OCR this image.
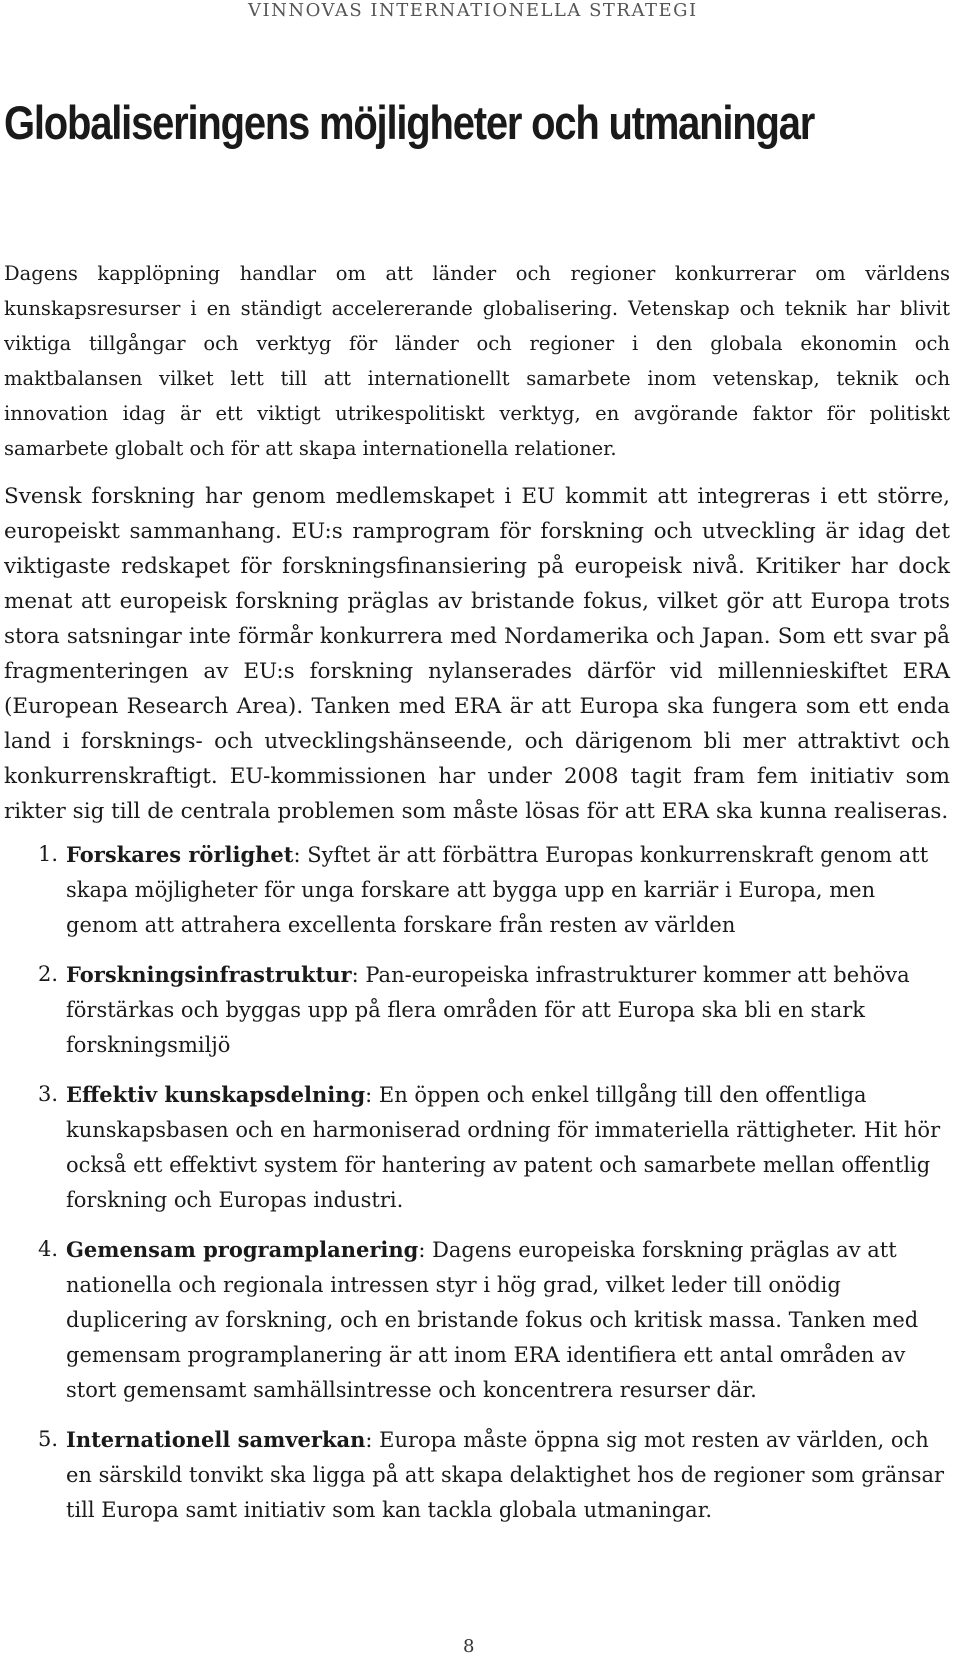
VINNOVAS INTERNATIONELLA STRATEGI
Globaliseringens möjligheter och utmaningar

Dagens kapplöpning handlar om att länder och regioner konkurrerar om världens kunskapsresurser i en ständigt accelererande globalisering. Vetenskap och teknik har blivit viktiga tillgångar och verktyg för länder och regioner i den globala ekonomin och maktbalansen vilket lett till att internationellt samarbete inom vetenskap, teknik och innovation idag är ett viktigt utrikespolitiskt verktyg, en avgörande faktor för politiskt samarbete globalt och för att skapa internationella relationer.

Svensk forskning har genom medlemskapet i EU kommit att integreras i ett större, europeiskt sammanhang. EU:s ramprogram för forskning och utveckling är idag det viktigaste redskapet för forskningsfinansiering på europeisk nivå. Kritiker har dock menat att europeisk forskning präglas av bristande fokus, vilket gör att Europa trots stora satsningar inte förmår konkurrera med Nordamerika och Japan. Som ett svar på fragmenteringen av EU:s forskning nylanserades därför vid millennieskiftet ERA (European Research Area). Tanken med ERA är att Europa ska fungera som ett enda land i forsknings- och utvecklingshänseende, och därigenom bli mer attraktivt och konkurrenskraftigt. EU-kommissionen har under 2008 tagit fram fem initiativ som rikter sig till de centrala problemen som måste lösas för att ERA ska kunna realiseras.

1. Forskares rörlighet: Syftet är att förbättra Europas konkurrenskraft genom att skapa möjligheter för unga forskare att bygga upp en karriär i Europa, men genom att attrahera excellenta forskare från resten av världen
2. Forskningsinfrastruktur: Pan-europeiska infrastrukturer kommer att behöva förstärkas och byggas upp på flera områden för att Europa ska bli en stark forskningsmiljö
3. Effektiv kunskapsdelning: En öppen och enkel tillgång till den offentliga kunskapsbasen och en harmoniserad ordning för immateriella rättigheter. Hit hör också ett effektivt system för hantering av patent och samarbete mellan offentlig forskning och Europas industri.
4. Gemensam programplanering: Dagens europeiska forskning präglas av att nationella och regionala intressen styr i hög grad, vilket leder till onödig duplicering av forskning, och en bristande fokus och kritisk massa. Tanken med gemensam programplanering är att inom ERA identifiera ett antal områden av stort gemensamt samhällsintresse och koncentrera resurser där.
5. Internationell samverkan: Europa måste öppna sig mot resten av världen, och en särskild tonvikt ska ligga på att skapa delaktighet hos de regioner som gränsar till Europa samt initiativ som kan tackla globala utmaningar.
8
